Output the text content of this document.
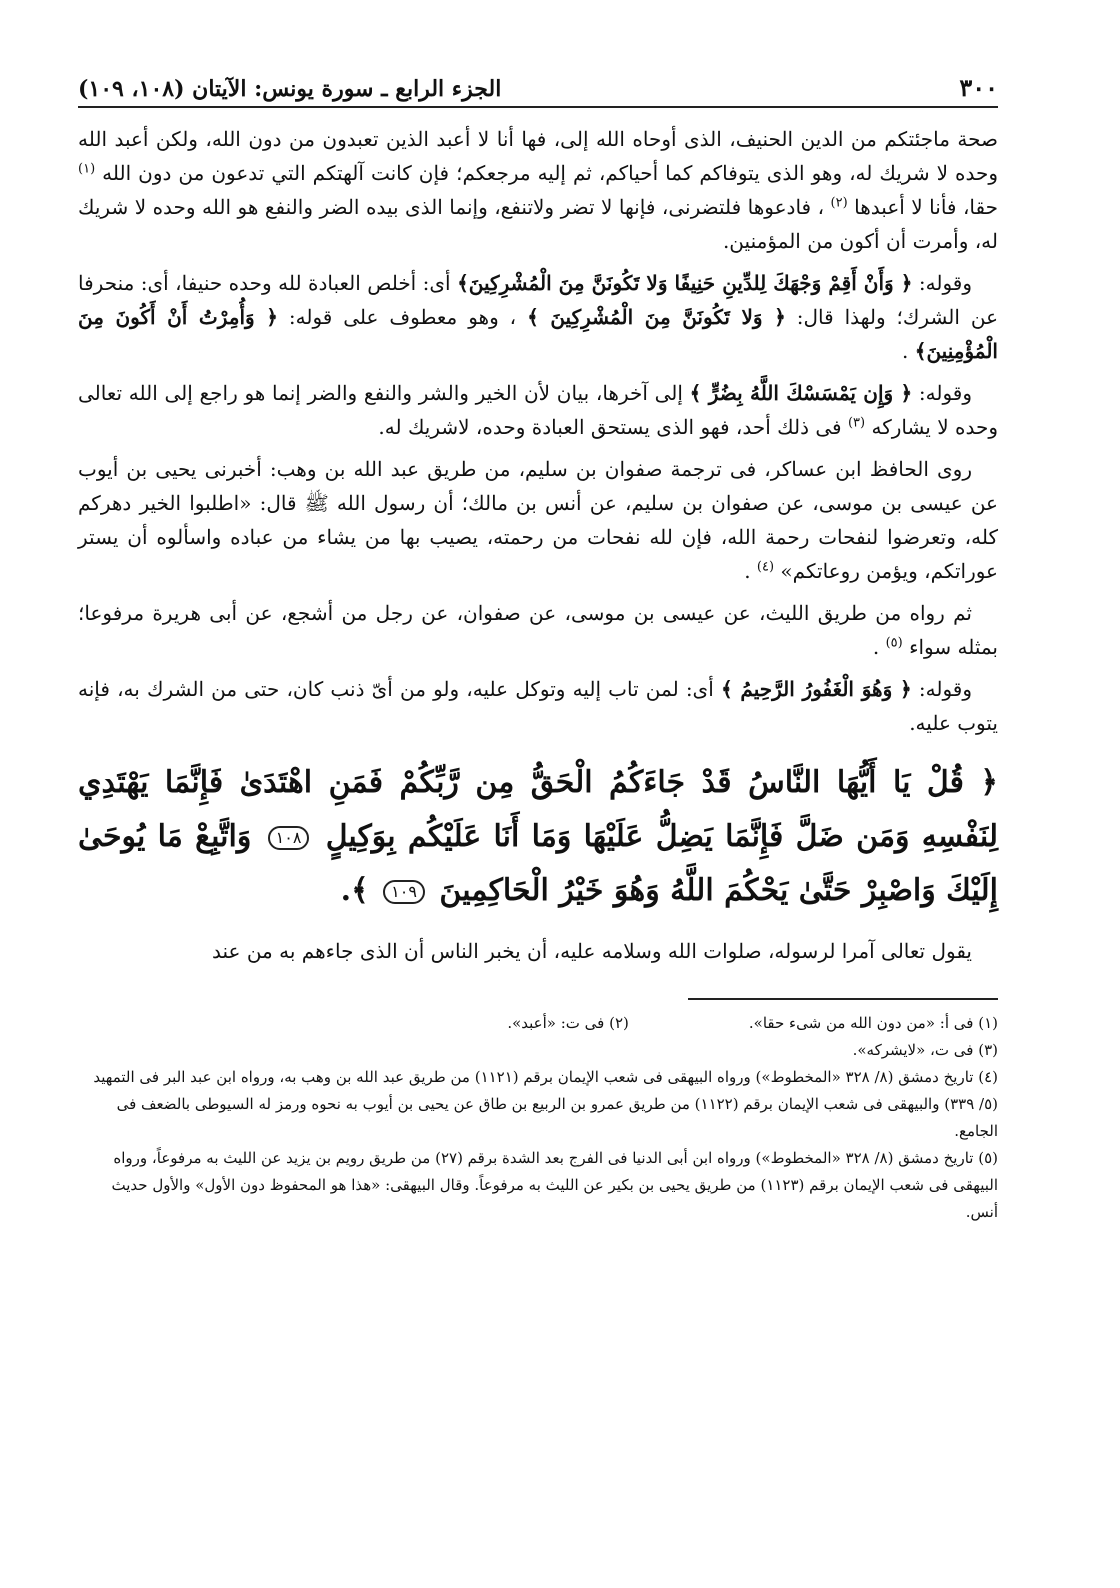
٣٠٠
الجزء الرابع ـ سورة يونس: الآيتان (١٠٨، ١٠٩)

صحة ماجئتكم من الدين الحنيف، الذى أوحاه الله إلى، فها أنا لا أعبد الذين تعبدون من دون الله، ولكن أعبد الله وحده لا شريك له، وهو الذى يتوفاكم كما أحياكم، ثم إليه مرجعكم؛ فإن كانت آلهتكم التي تدعون من دون الله $^{(١)}$ حقا، فأنا لا أعبدها $^{(٢)}$ ، فادعوها فلتضرنى، فإنها لا تضر ولاتنفع، وإنما الذى بيده الضر والنفع هو الله وحده لا شريك له، وأمرت أن أكون من المؤمنين.

وقوله: ﴿ وَأَنْ أَقِمْ وَجْهَكَ لِلدِّينِ حَنِيفًا وَلا تَكُونَنَّ مِنَ الْمُشْرِكِينَ﴾ أى: أخلص العبادة لله وحده حنيفا، أى: منحرفا عن الشرك؛ ولهذا قال: ﴿ وَلا تَكُونَنَّ مِنَ الْمُشْرِكِينَ ﴾ ، وهو معطوف على قوله: ﴿ وَأُمِرْتُ أَنْ أَكُونَ مِنَ الْمُؤْمِنِينَ﴾ .

وقوله: ﴿ وَإِن يَمْسَسْكَ اللَّهُ بِضُرٍّ ﴾ إلى آخرها، بيان لأن الخير والشر والنفع والضر إنما هو راجع إلى الله تعالى وحده لا يشاركه $^{(٣)}$ فى ذلك أحد، فهو الذى يستحق العبادة وحده، لاشريك له.

روى الحافظ ابن عساكر، فى ترجمة صفوان بن سليم، من طريق عبد الله بن وهب: أخبرنى يحيى بن أيوب عن عيسى بن موسى، عن صفوان بن سليم، عن أنس بن مالك؛ أن رسول الله ﷺ قال: «اطلبوا الخير دهركم كله، وتعرضوا لنفحات رحمة الله، فإن لله نفحات من رحمته، يصيب بها من يشاء من عباده واسألوه أن يستر عوراتكم، ويؤمن روعاتكم» $^{(٤)}$ .

ثم رواه من طريق الليث، عن عيسى بن موسى، عن صفوان، عن رجل من أشجع، عن أبى هريرة مرفوعا؛ بمثله سواء $^{(٥)}$ .

وقوله: ﴿ وَهُوَ الْغَفُورُ الرَّحِيمُ ﴾ أى: لمن تاب إليه وتوكل عليه، ولو من أىّ ذنب كان، حتى من الشرك به، فإنه يتوب عليه.

﴿ قُلْ يَا أَيُّهَا النَّاسُ قَدْ جَاءَكُمُ الْحَقُّ مِن رَّبِّكُمْ فَمَنِ اهْتَدَىٰ فَإِنَّمَا يَهْتَدِي لِنَفْسِهِ وَمَن ضَلَّ فَإِنَّمَا يَضِلُّ عَلَيْهَا وَمَا أَنَا عَلَيْكُم بِوَكِيلٍ ١٠٨ وَاتَّبِعْ مَا يُوحَىٰ إِلَيْكَ وَاصْبِرْ حَتَّىٰ يَحْكُمَ اللَّهُ وَهُوَ خَيْرُ الْحَاكِمِينَ ١٠٩ ﴾.

يقول تعالى آمرا لرسوله، صلوات الله وسلامه عليه، أن يخبر الناس أن الذى جاءهم به من عند

(١) فى أ: «من دون الله من شىء حقا».

(٢) فى ت: «أعبد».

(٣) فى ت، «لايشركه».

(٤) تاريخ دمشق (٨/ ٣٢٨ «المخطوط») ورواه البيهقى فى شعب الإيمان برقم (١١٢١) من طريق عبد الله بن وهب به، ورواه ابن عبد البر فى التمهيد (٥/ ٣٣٩) والبيهقى فى شعب الإيمان برقم (١١٢٢) من طريق عمرو بن الربيع بن طاق عن يحيى بن أيوب به نحوه ورمز له السيوطى بالضعف فى الجامع.

(٥) تاريخ دمشق (٨/ ٣٢٨ «المخطوط») ورواه ابن أبى الدنيا فى الفرج بعد الشدة برقم (٢٧) من طريق رويم بن يزيد عن الليث به مرفوعاً، ورواه البيهقى فى شعب الإيمان برقم (١١٢٣) من طريق يحيى بن بكير عن الليث به مرفوعاً. وقال البيهقى: «هذا هو المحفوظ دون الأول» والأول حديث أنس.
